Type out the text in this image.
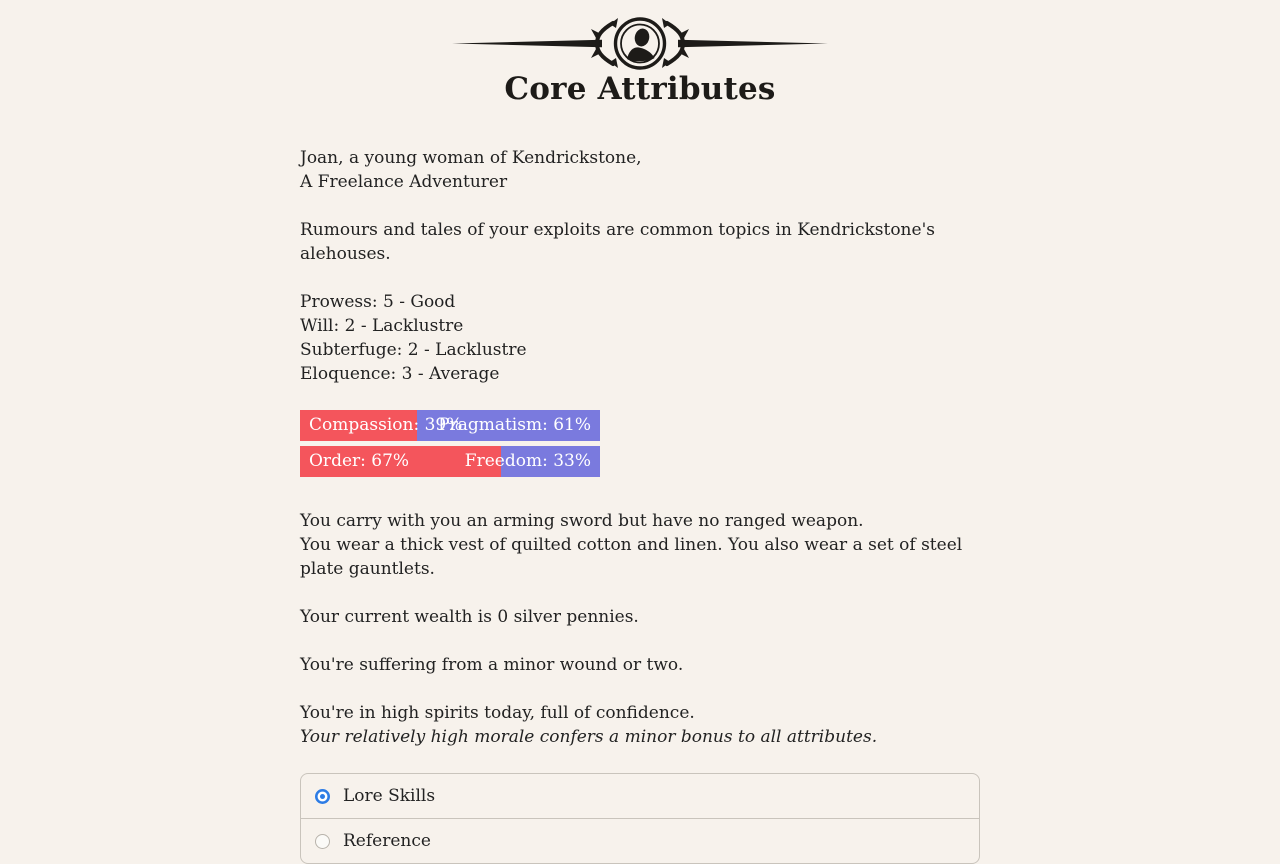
Core Attributes

Joan, a young woman of Kendrickstone,
A Freelance Adventurer

Rumours and tales of your exploits are common topics in Kendrickstone's alehouses.

Prowess: 5 - Good
Will: 2 - Lacklustre
Subterfuge: 2 - Lacklustre
Eloquence: 3 - Average
Compassion: 39%
Pragmatism: 61%
Order: 67%	Freedom: 33%

You carry with you an arming sword but have no ranged weapon.
You wear a thick vest of quilted cotton and linen. You also wear a set of steel plate gauntlets.

Your current wealth is 0 silver pennies.

You're suffering from a minor wound or two.

You're in high spirits today, full of confidence.
Your relatively high morale confers a minor bonus to all attributes.

Lore Skills
Reference
